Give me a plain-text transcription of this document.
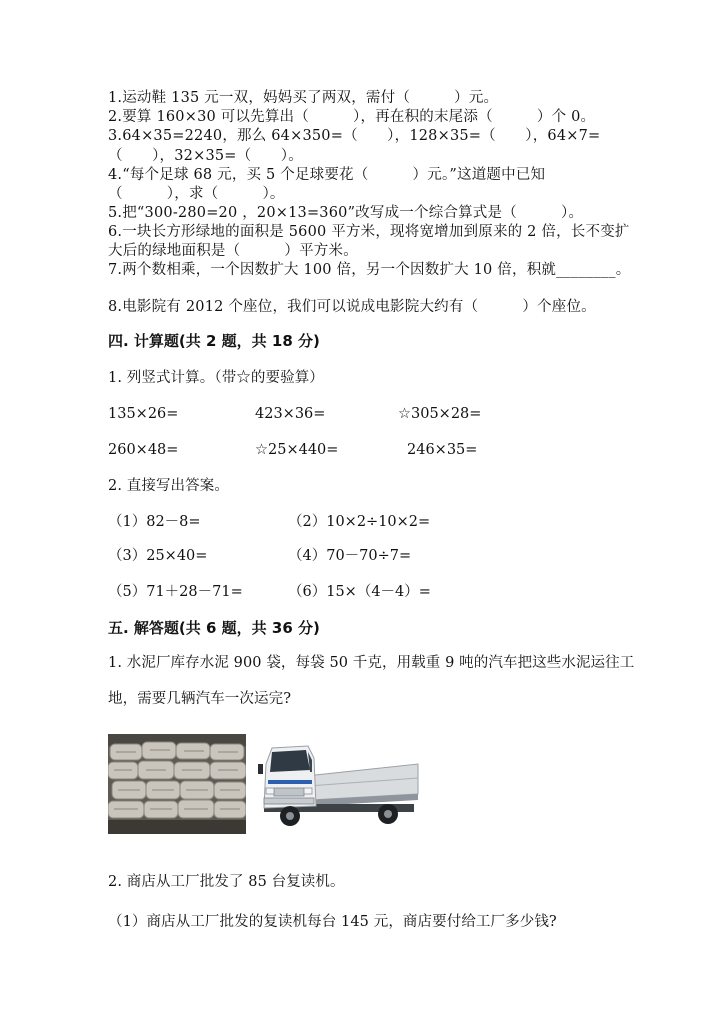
1.运动鞋 135 元一双，妈妈买了两双，需付（　　　）元。
2.要算 160×30 可以先算出（　　　），再在积的末尾添（　　　）个 0。
3.64×35=2240，那么 64×350=（　　），128×35=（　　），64×7=
（　　），32×35=（　　）。
4.“每个足球 68 元，买 5 个足球要花（　　　）元。”这道题中已知
（　　　），求（　　　）。
5.把“300-280=20 ，20×13=360”改写成一个综合算式是（　　　）。
6.一块长方形绿地的面积是 5600 平方米，现将宽增加到原来的 2 倍，长不变扩
大后的绿地面积是（　　　）平方米。
7.两个数相乘，一个因数扩大 100 倍，另一个因数扩大 10 倍，积就________。
8.电影院有 2012 个座位，我们可以说成电影院大约有（　　　）个座位。
四. 计算题(共 2 题，共 18 分)
1. 列竖式计算。（带☆的要验算）
135×26=	423×36=	☆305×28=
260×48=	☆25×440=	246×35=
2. 直接写出答案。
（1）82－8=	（2）10×2÷10×2=
（3）25×40=	（4）70－70÷7=
（5）71＋28－71=	（6）15×（4－4）=
五. 解答题(共 6 题，共 36 分)
1. 水泥厂库存水泥 900 袋，每袋 50 千克，用载重 9 吨的汽车把这些水泥运往工
地，需要几辆汽车一次运完?
2. 商店从工厂批发了 85 台复读机。
（1）商店从工厂批发的复读机每台 145 元，商店要付给工厂多少钱?
